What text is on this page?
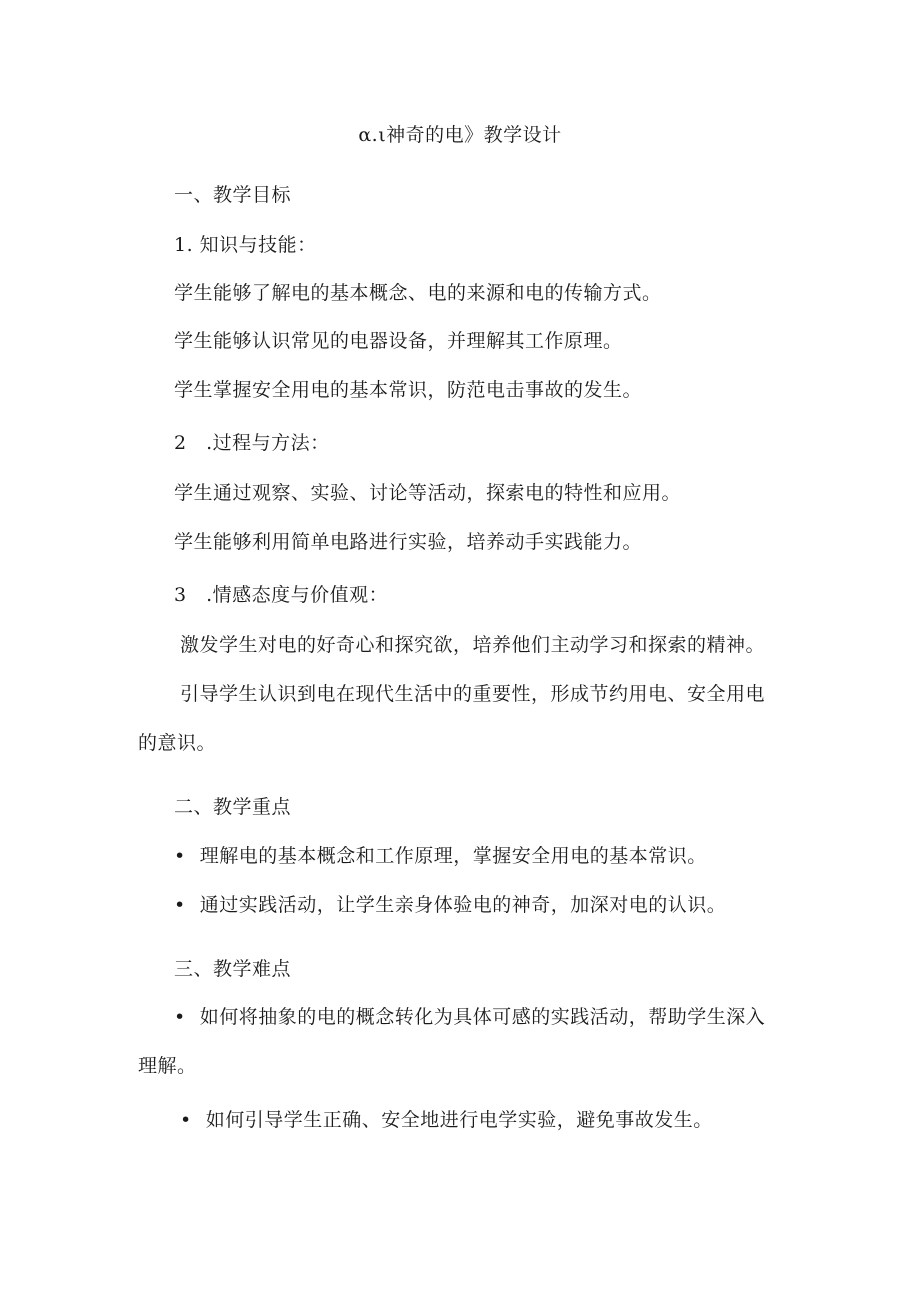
α.ι神奇的电》教学设计
一、教学目标
1. 知识与技能：
学生能够了解电的基本概念、电的来源和电的传输方式。
学生能够认识常见的电器设备，并理解其工作原理。
学生掌握安全用电的基本常识，防范电击事故的发生。
2　.过程与方法：
学生通过观察、实验、讨论等活动，探索电的特性和应用。
学生能够利用简单电路进行实验，培养动手实践能力。
3　.情感态度与价值观：
激发学生对电的好奇心和探究欲，培养他们主动学习和探索的精神。
引导学生认识到电在现代生活中的重要性，形成节约用电、安全用电
的意识。
二、教学重点
• 理解电的基本概念和工作原理，掌握安全用电的基本常识。
• 通过实践活动，让学生亲身体验电的神奇，加深对电的认识。
三、教学难点
• 如何将抽象的电的概念转化为具体可感的实践活动，帮助学生深入
理解。
• 如何引导学生正确、安全地进行电学实验，避免事故发生。
